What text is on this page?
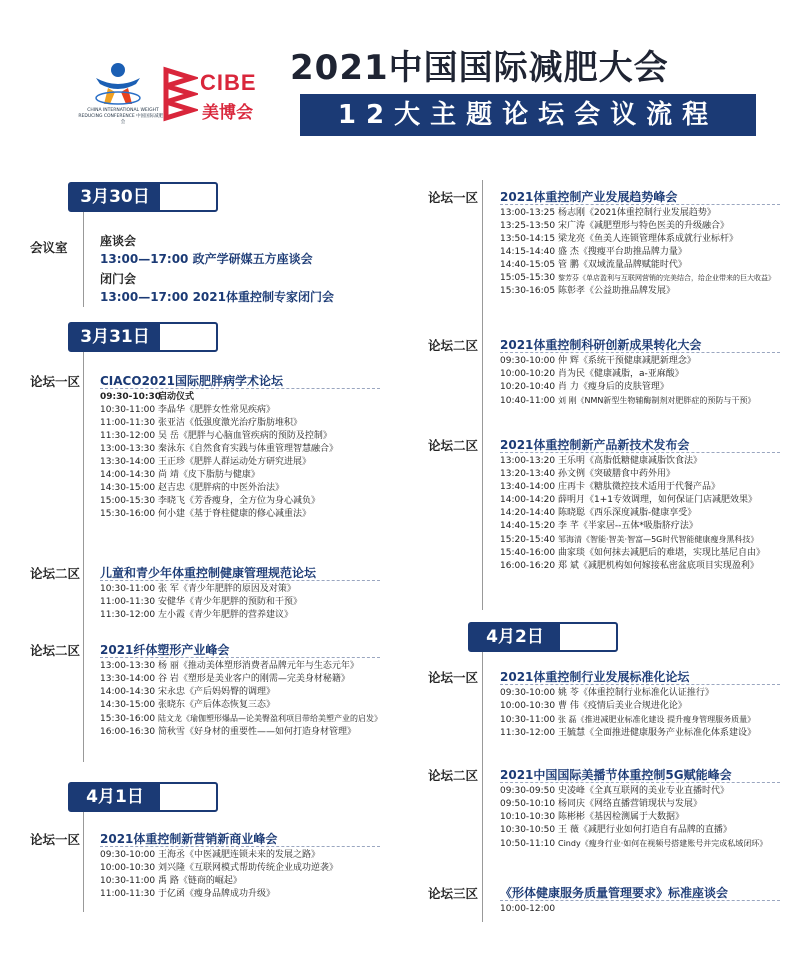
CHINA INTERNATIONAL WEIGHT REDUCING CONFERENCE 中国国际减肥大会
CIBE
美博会
2021中国国际减肥大会
12大主题论坛会议流程
3月30日
会议室	座谈会
13:00—17:00 政产学研媒五方座谈会
闭门会
13:00—17:00 2021体重控制专家闭门会
3月31日
论坛一区 CIACO2021国际肥胖病学术论坛
09:30-10:30启动仪式
10:30-11:00 李晶华《肥胖女性常见疾病》
11:00-11:30 张亚洁《低强度激光治疗脂肪堆积》
11:30-12:00 吴 岳《肥胖与心脑血管疾病的预防及控制》
13:00-13:30 秦泳东《自然食育实践与体重管理智慧融合》
13:30-14:00 王正珍《肥胖人群运动处方研究进展》
14:00-14:30 尚 靖《皮下脂肪与健康》
14:30-15:00 赵吉忠《肥胖病的中医外治法》
15:00-15:30 李晓飞《芳香瘦身，全方位为身心减负》
15:30-16:00 何小建《基于脊柱健康的修心减重法》
论坛二区 儿童和青少年体重控制健康管理规范论坛
10:30-11:00 张 军《青少年肥胖的原因及对策》
11:00-11:30 安健华《青少年肥胖的预防和干预》
11:30-12:00 左小霞《青少年肥胖的营养建议》
论坛二区 2021纤体塑形产业峰会
13:00-13:30 杨 丽《推动美体塑形消费者品牌元年与生态元年》
13:30-14:00 谷 岩《塑形是美业客户的刚需—完美身材秘籍》
14:00-14:30 宋永忠《产后妈妈臀的调理》
14:30-15:00 张晓东《产后体态恢复三态》
15:30-16:00 陆文龙《瑜伽塑形爆品—论美臀盈利项目带给美塑产业的启发》
16:00-16:30 简秋雪《好身材的重要性——如何打造身材管理》
4月1日
论坛一区 2021体重控制新营销新商业峰会
09:30-10:00 王海丞《中医减肥连锁未来的发展之路》
10:00-10:30 刘兴隆《互联网模式帮助传统企业成功逆袭》
10:30-11:00 禹 路《链商的崛起》
11:00-11:30 于亿函《瘦身品牌成功升级》
论坛一区 2021体重控制产业发展趋势峰会
13:00-13:25 杨志刚《2021体重控制行业发展趋势》
13:25-13:50 宋广涛《减肥塑形与特色医美的升级融合》
13:50-14:15 梁龙亮《鱼美人连锁管理体系成就行业标杆》
14:15-14:40 盛 杰《搜瘦平台助推品牌力量》
14:40-15:05 管 鹏《双域流量品牌赋能时代》
15:05-15:30 黎芳芬《单店盈利与互联网营销的完美结合，给企业带来的巨大收益》
15:30-16:05 陈彰孝《公益助推品牌发展》
论坛二区 2021体重控制科研创新成果转化大会
09:30-10:00 仲 辉《系统干预健康减肥新理念》
10:00-10:20 肖为民《健康减脂，a-亚麻酸》
10:20-10:40 肖 力《瘦身后的皮肤管理》
10:40-11:00 刘 刚《NMN新型生物辅酶制剂对肥胖症的预防与干预》
论坛二区 2021体重控制新产品新技术发布会
13:00-13:20 王乐明《高脂低糖健康减脂饮食法》
13:20-13:40 孙文例《突破膳食中药外用》
13:40-14:00 庄再卡《糖肽微控技术适用于代餐产品》
14:00-14:20 薛明月《1+1专效调理，如何保证门店减肥效果》
14:20-14:40 陈晓聪《西乐深度减脂-健康享受》
14:40-15:20 李 芊《半家居--五体*吸脂脐疗法》
15:20-15:40 邹海清《智能·智美·智富—5G时代智能健康瘦身黑科技》
15:40-16:00 曲家琰《如何抹去减肥后的难堪，实现比基尼自由》
16:00-16:20 郑 斌《减肥机构如何嫁接私密盆底项目实现盈利》
4月2日
论坛一区 2021体重控制行业发展标准化论坛
09:30-10:00 姚 苓《体重控制行业标准化认证推行》
10:00-10:30 曹 伟《疫情后美业合规进化论》
10:30-11:00 张 磊《推进减肥业标准化建设 提升瘦身管理服务质量》
11:30-12:00 王毓慧《全面推进健康服务产业标准化体系建设》
论坛二区 2021中国国际美播节体重控制5G赋能峰会
09:30-09:50 史凌峰《全真互联网的美业专业直播时代》
09:50-10:10 杨同庆《网络直播营销现状与发展》
10:10-10:30 陈彬彬《基因检测属于大数据》
10:30-10:50 王 薇《减肥行业如何打造自有品牌的直播》
10:50-11:10 Cindy《瘦身行业·如何在视频号搭建账号并完成私域闭环》
论坛三区 《形体健康服务质量管理要求》标准座谈会
10:00-12:00
